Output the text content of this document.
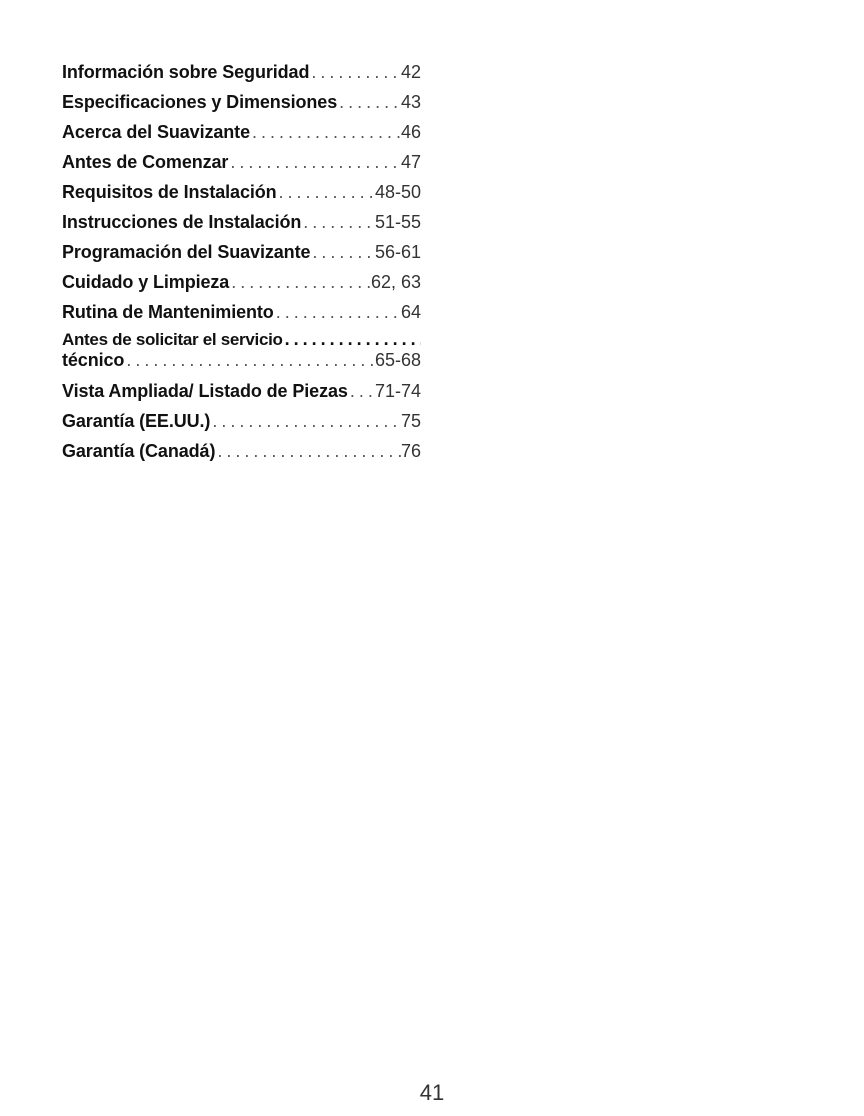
Información sobre Seguridad . . .	42
Especificaciones y Dimensiones . . .	43
Acerca del Suavizante . . .	46
Antes de Comenzar . . .	47
Requisitos de Instalación . . .	48-50
Instrucciones de Instalación . . .	51-55
Programación del Suavizante . . .	56-61
Cuidado y Limpieza . . .	62, 63
Rutina de Mantenimiento . . .	64
Antes de solicitar el servicio
. . .
técnico . . .	65-68
Vista Ampliada/ Listado de Piezas . . . 71-74
Garantía (EE.UU.) . . .	75
Garantía (Canadá) . . .	76
41
